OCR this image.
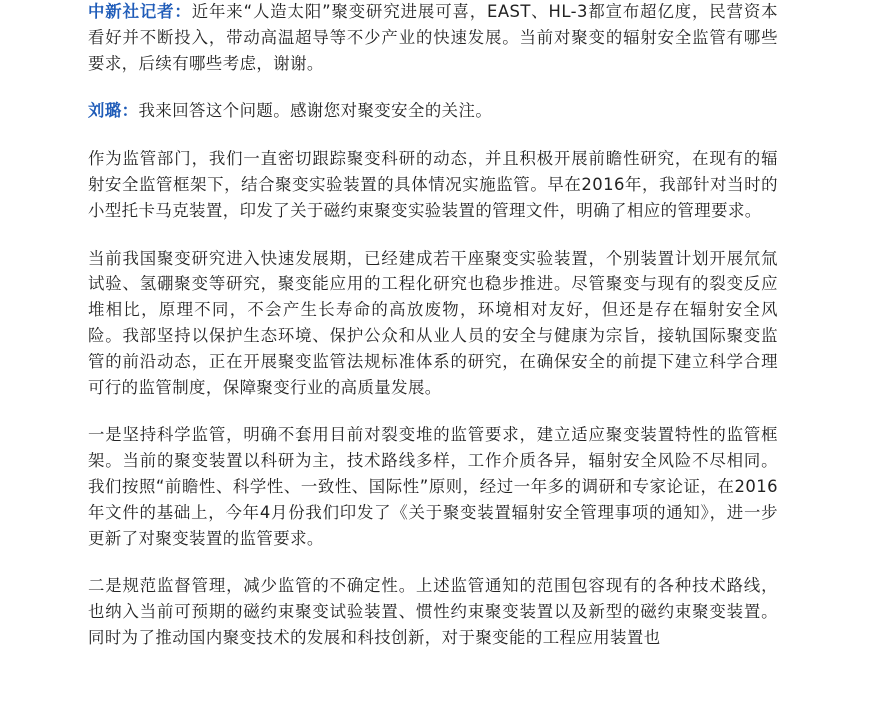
中新社记者：近年来“人造太阳”聚变研究进展可喜，EAST、HL-3都宣布超亿度，民营资本看好并不断投入，带动高温超导等不少产业的快速发展。当前对聚变的辐射安全监管有哪些要求，后续有哪些考虑，谢谢。

刘璐：我来回答这个问题。感谢您对聚变安全的关注。

作为监管部门，我们一直密切跟踪聚变科研的动态，并且积极开展前瞻性研究，在现有的辐射安全监管框架下，结合聚变实验装置的具体情况实施监管。早在2016年，我部针对当时的小型托卡马克装置，印发了关于磁约束聚变实验装置的管理文件，明确了相应的管理要求。

当前我国聚变研究进入快速发展期，已经建成若干座聚变实验装置，个别装置计划开展氘氚试验、氢硼聚变等研究，聚变能应用的工程化研究也稳步推进。尽管聚变与现有的裂变反应堆相比，原理不同，不会产生长寿命的高放废物，环境相对友好，但还是存在辐射安全风险。我部坚持以保护生态环境、保护公众和从业人员的安全与健康为宗旨，接轨国际聚变监管的前沿动态，正在开展聚变监管法规标准体系的研究，在确保安全的前提下建立科学合理可行的监管制度，保障聚变行业的高质量发展。

一是坚持科学监管，明确不套用目前对裂变堆的监管要求，建立适应聚变装置特性的监管框架。当前的聚变装置以科研为主，技术路线多样，工作介质各异，辐射安全风险不尽相同。我们按照“前瞻性、科学性、一致性、国际性”原则，经过一年多的调研和专家论证，在2016年文件的基础上，今年4月份我们印发了《关于聚变装置辐射安全管理事项的通知》，进一步更新了对聚变装置的监管要求。

二是规范监督管理，减少监管的不确定性。上述监管通知的范围包容现有的各种技术路线，也纳入当前可预期的磁约束聚变试验装置、惯性约束聚变装置以及新型的磁约束聚变装置。同时为了推动国内聚变技术的发展和科技创新，对于聚变能的工程应用装置也
